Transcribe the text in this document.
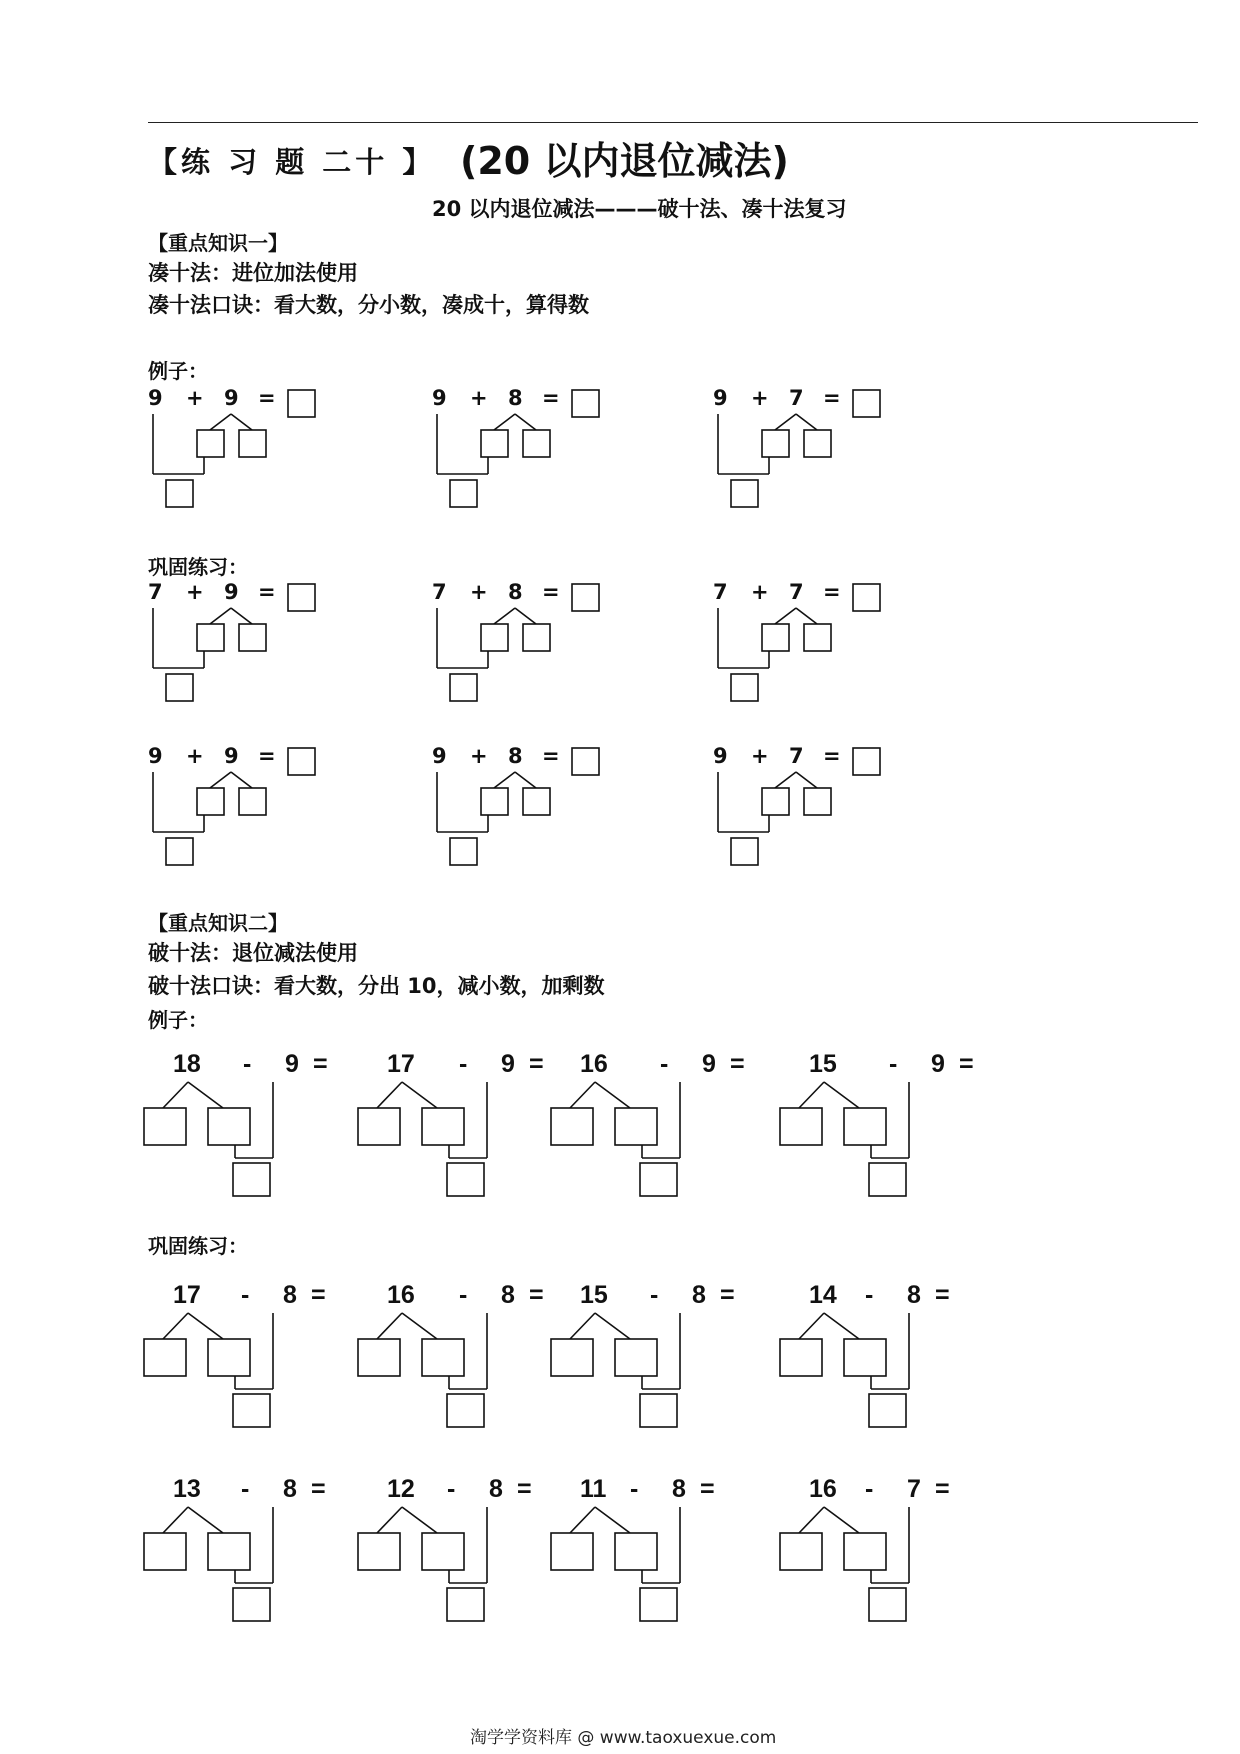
【练 习 题 二十 】 (20 以内退位减法)
20 以内退位减法———破十法、凑十法复习
【重点知识一】
凑十法：进位加法使用
凑十法口诀：看大数，分小数，凑成十，算得数
例子：
巩固练习：
【重点知识二】
破十法：退位减法使用
破十法口诀：看大数，分出 10，减小数，加剩数
例子：
巩固练习：
9 + 9 =	9 + 8 =	9 + 7 =
7 + 9 =	7 + 8 =	7 + 7 =
9 + 9 =	9 + 8 =	9 + 7 =
18 - 9 = 17 - 9 = 16 - 9 =	15 - 9 =
17 - 8 = 16 - 8 = 15 - 8 =	14 - 8 =
13 - 8 = 12 - 8 = 11 - 8 =	16 - 7 =
淘学学资料库 @ www.taoxuexue.com
